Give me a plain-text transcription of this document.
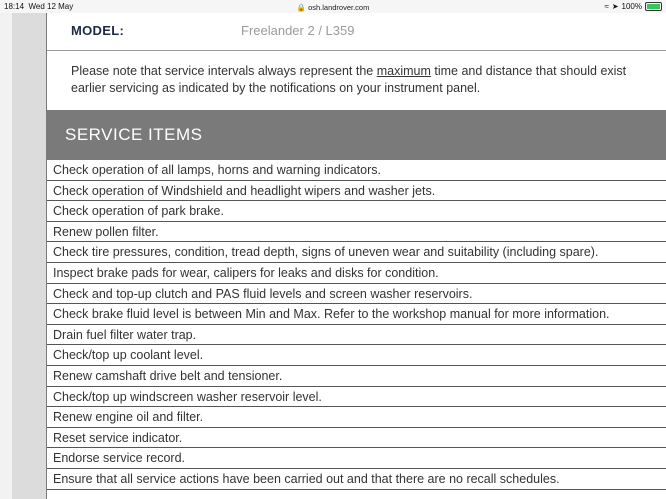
18:14 Wed 12 May	🔒 osh.landrover.com	≈ ➤ 100%
MODEL:	Freelander 2 / L359
Please note that service intervals always represent the maximum time and distance that should exist
earlier servicing as indicated by the notifications on your instrument panel.
SERVICE ITEMS
Check operation of all lamps, horns and warning indicators.
Check operation of Windshield and headlight wipers and washer jets.
Check operation of park brake.
Renew pollen filter.
Check tire pressures, condition, tread depth, signs of uneven wear and suitability (including spare).
Inspect brake pads for wear, calipers for leaks and disks for condition.
Check and top-up clutch and PAS fluid levels and screen washer reservoirs.
Check brake fluid level is between Min and Max. Refer to the workshop manual for more information.
Drain fuel filter water trap.
Check/top up coolant level.
Renew camshaft drive belt and tensioner.
Check/top up windscreen washer reservoir level.
Renew engine oil and filter.
Reset service indicator.
Endorse service record.
Ensure that all service actions have been carried out and that there are no recall schedules.
